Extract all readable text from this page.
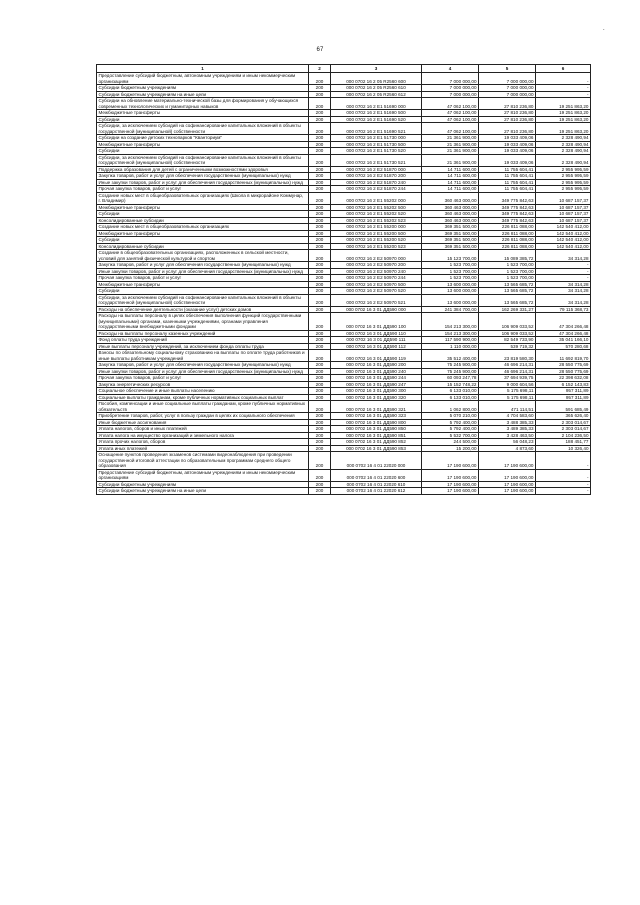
.
67
1	2	3	4	5	6
Предоставление субсидий бюджетным, автономным учреждениям и иным некоммерческим организациям	200	000 0702 16 2 05 R2560 600	7 000 000,00	7 000 000,00	-
Субсидии бюджетным учреждениям	200	000 0702 16 2 05 R2560 610	7 000 000,00	7 000 000,00	-
Субсидии бюджетным учреждениям на иные цели	200	000 0702 16 2 05 R2560 612	7 000 000,00	7 000 000,00	-
Субсидии на обновление материально-технической базы для формирования у обучающихся современных технологических и гуманитарных навыков	200	000 0702 16 2 E1 51690 000	47 062 100,00	27 810 236,80	19 251 863,20
Межбюджетные трансферты	200	000 0702 16 2 E1 51690 500	47 062 100,00	27 810 236,80	19 251 863,20
Субсидии	200	000 0702 16 2 E1 51690 520	47 062 100,00	27 810 236,80	19 251 863,20
Субсидии, за исключением субсидий на софинансирование капитальных вложений в объекты государственной (муниципальной) собственности	200	000 0702 16 2 E1 51690 521	47 062 100,00	27 810 236,80	19 251 863,20
Субсидии на создание детских технопарков "Кванториум"	200	000 0702 16 2 E1 51730 000	21 361 900,00	19 033 409,06	2 328 490,94
Межбюджетные трансферты	200	000 0702 16 2 E1 51730 500	21 361 900,00	19 033 409,06	2 328 490,94
Субсидии	200	000 0702 16 2 E1 51730 520	21 361 900,00	19 033 409,06	2 328 490,94
Субсидии, за исключением субсидий на софинансирование капитальных вложений в объекты государственной (муниципальной) собственности	200	000 0702 16 2 E1 51730 521	21 361 900,00	19 033 409,06	2 328 490,94
Поддержка образования для детей с ограниченными возможностями здоровья	200	000 0702 16 2 E2 51870 000	14 711 600,00	11 755 604,41	2 955 995,59
Закупка товаров, работ и услуг для обеспечения государственных (муниципальных) нужд	200	000 0702 16 2 E2 51870 200	14 711 600,00	11 755 604,41	2 955 995,59
Иные закупки товаров, работ и услуг для обеспечения государственных (муниципальных) нужд	200	000 0702 16 2 E2 51870 240	14 711 600,00	11 755 604,41	2 955 995,59
Прочая закупка товаров, работ и услуг	200	000 0702 16 2 E2 51870 244	14 711 600,00	11 755 604,41	2 955 995,59
Создание новых мест в общеобразовательных организациях (Школа в микрорайоне Коммунар, г. Владимир)	200	000 0702 16 2 E1 55202 000	360 463 000,00	349 775 842,63	10 687 157,37
Межбюджетные трансферты	200	000 0702 16 2 E1 55202 500	360 463 000,00	349 775 842,63	10 687 157,37
Субсидии	200	000 0702 16 2 E1 55202 520	360 463 000,00	349 775 842,63	10 687 157,37
Консолидированные субсидии	200	000 0702 16 2 E1 55202 523	360 463 000,00	349 775 842,63	10 687 157,37
Создание новых мест в общеобразовательных организациях	200	000 0702 16 2 E1 55200 000	369 351 500,00	226 811 088,00	142 540 412,00
Межбюджетные трансферты	200	000 0702 16 2 E1 55200 500	369 351 500,00	226 811 088,00	142 540 412,00
Субсидии	200	000 0702 16 2 E1 55200 520	369 351 500,00	226 811 088,00	142 540 412,00
Консолидированные субсидии	200	000 0702 16 2 E1 55200 523	369 351 500,00	226 811 088,00	142 540 412,00
Создание в общеобразовательных организациях, расположенных в сельской местности, условий для занятий физической культурой и спортом	200	000 0702 16 2 E2 50970 000	15 123 700,00	15 089 385,72	34 314,28
Закупка товаров, работ и услуг для обеспечения государственных (муниципальных) нужд	200	000 0702 16 2 E2 50970 200	1 523 700,00	1 523 700,00	-
Иные закупки товаров, работ и услуг для обеспечения государственных (муниципальных) нужд	200	000 0702 16 2 E2 50970 240	1 523 700,00	1 523 700,00	-
Прочая закупка товаров, работ и услуг	200	000 0702 16 2 E2 50970 244	1 523 700,00	1 523 700,00	-
Межбюджетные трансферты	200	000 0702 16 2 E2 50970 500	13 600 000,00	13 565 685,72	34 314,28
Субсидии	200	000 0702 16 2 E2 50970 520	13 600 000,00	13 565 685,72	34 314,28
Субсидии, за исключением субсидий на софинансирование капитальных вложений в объекты государственной (муниципальной) собственности	200	000 0702 16 2 E2 50970 521	13 600 000,00	13 565 685,72	34 314,28
Расходы на обеспечение деятельности (оказание услуг) детских домов	200	000 0702 16 3 01 ДД590 000	241 384 700,00	162 269 331,27	79 115 368,73
Расходы на выплаты персоналу в целях обеспечения выполнения функций государственными (муниципальными) органами, казенными учреждениями, органами управления государственными внебюджетными фондами	200	000 0702 16 3 01 ДД590 100	154 213 300,00	106 909 033,52	47 304 266,48
Расходы на выплаты персоналу казенных учреждений	200	000 0702 16 3 01 ДД590 110	154 213 300,00	106 909 033,52	47 304 266,48
Фонд оплаты труда учреждений	200	000 0702 16 3 01 ДД590 111	117 590 900,00	82 549 733,90	35 041 166,10
Иные выплаты персоналу учреждений, за исключением фонда оплаты труда	200	000 0702 16 3 01 ДД590 112	1 110 000,00	539 719,32	570 280,68
Взносы по обязательному социальному страхованию на выплаты по оплате труда работников и иные выплаты работникам учреждений	200	000 0702 16 3 01 ДД590 119	35 512 400,00	23 819 580,30	11 692 819,70
Закупка товаров, работ и услуг для обеспечения государственных (муниципальных) нужд	200	000 0702 16 3 01 ДД590 200	75 245 900,00	46 696 214,31	28 550 775,69
Иные закупки товаров, работ и услуг для обеспечения государственных (муниципальных) нужд	200	000 0702 16 3 01 ДД590 240	75 245 900,00	46 696 214,31	28 550 775,69
Прочая закупка товаров, работ и услуг	200	000 0702 16 3 01 ДД590 244	60 093 247,78	37 694 939,75	22 398 632,08
Закупка энергетических ресурсов	200	000 0702 16 3 01 ДД590 247	15 152 748,22	9 000 604,56	6 152 143,83
Социальное обеспечение и иные выплаты населению	200	000 0702 16 3 01 ДД590 300	6 133 010,00	5 175 698,11	957 311,89
Социальные выплаты гражданам, кроме публичных нормативных социальных выплат	200	000 0702 16 3 01 ДД590 320	6 133 010,00	5 175 698,11	957 311,89
Пособия, компенсации и иные социальные выплаты гражданам, кроме публичных нормативных обязательств	200	000 0702 16 3 01 ДД590 321	1 062 800,00	471 114,51	591 685,49
Приобретение товаров, работ, услуг в пользу граждан в целях их социального обеспечения	200	000 0702 16 3 01 ДД590 323	5 070 210,00	4 704 583,60	365 626,40
Иные бюджетные ассигнования	200	000 0702 16 3 01 ДД590 800	5 792 400,00	3 488 385,33	2 303 014,67
Уплата налогов, сборов и иных платежей	200	000 0702 16 3 01 ДД590 850	5 792 400,00	3 489 385,33	2 303 014,67
Уплата налога на имущество организаций и земельного налога	200	000 0702 16 3 01 ДД590 851	5 532 700,00	3 428 463,50	2 104 236,50
Уплата прочих налогов, сборов	200	000 0702 16 3 01 ДД590 852	244 500,00	56 048,23	188 451,77
Уплата иных платежей	200	000 0702 16 3 01 ДД590 853	15 200,00	4 873,60	10 326,40
Оснащение пунктов проведения экзаменов системами видеонаблюдения при проведении государственной итоговой аттестации по образовательным программам среднего общего образования	200	000 0702 16 4 01 22020 000	17 190 600,00	17 190 600,00	-
Предоставление субсидий бюджетным, автономным учреждениям и иным некоммерческим организациям	200	000 0702 16 4 01 22020 600	17 190 600,00	17 190 600,00	-
Субсидии бюджетным учреждениям	200	000 0702 16 4 01 22020 610	17 190 600,00	17 190 600,00	-
Субсидии бюджетным учреждениям на иные цели	200	000 0702 16 4 01 22020 612	17 190 600,00	17 190 600,00	-
